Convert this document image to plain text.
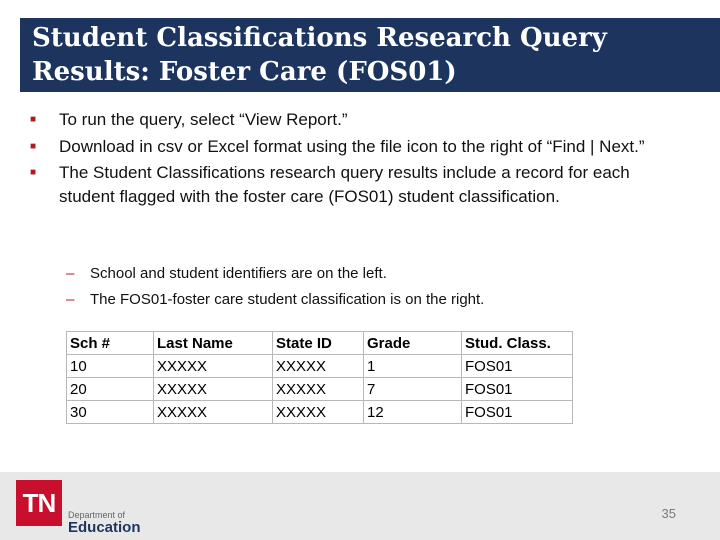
Student Classifications Research Query
Results: Foster Care (FOS01)
■ To run the query, select “View Report.”
■ Download in csv or Excel format using the file icon to the right of “Find | Next.”
■ The Student Classifications research query results include a record for each student flagged with the foster care (FOS01) student classification.
– School and student identifiers are on the left.
– The FOS01-foster care student classification is on the right.
Sch #	Last Name	State ID	Grade	Stud. Class.
10	XXXXX	XXXXX	1	FOS01
20	XXXXX	XXXXX	7	FOS01
30	XXXXX	XXXXX	12	FOS01
TN	Department of
Education
35
